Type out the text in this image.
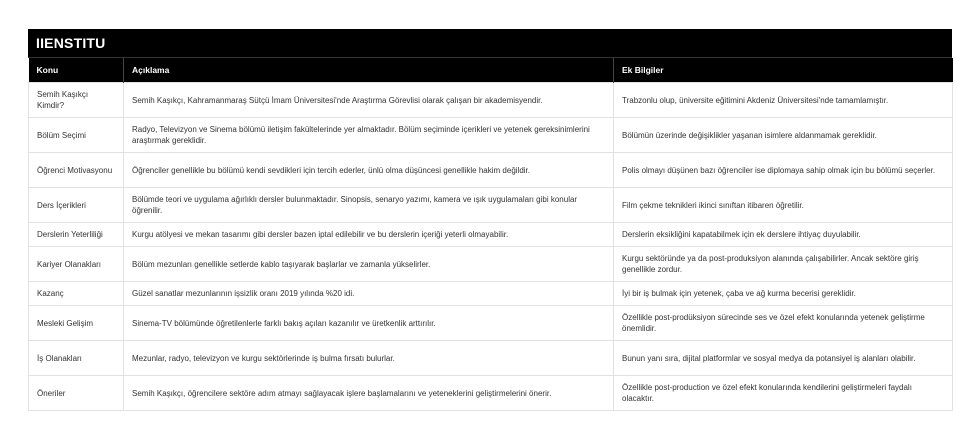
IIENSTITU
Konu	Açıklama	Ek Bilgiler
Semih Kaşıkçı Kimdir?	Semih Kaşıkçı, Kahramanmaraş Sütçü İmam Üniversitesi'nde Araştırma Görevlisi olarak çalışan bir akademisyendir.	Trabzonlu olup, üniversite eğitimini Akdeniz Üniversitesi'nde tamamlamıştır.
Bölüm Seçimi	Radyo, Televizyon ve Sinema bölümü iletişim fakültelerinde yer almaktadır. Bölüm seçiminde içerikleri ve yetenek gereksinimlerini araştırmak gereklidir.	Bölümün üzerinde değişiklikler yaşanan isimlere aldanmamak gereklidir.
Öğrenci Motivasyonu	Öğrenciler genellikle bu bölümü kendi sevdikleri için tercih ederler, ünlü olma düşüncesi genellikle hakim değildir.	Polis olmayı düşünen bazı öğrenciler ise diplomaya sahip olmak için bu bölümü seçerler.
Ders İçerikleri	Bölümde teori ve uygulama ağırlıklı dersler bulunmaktadır. Sinopsis, senaryo yazımı, kamera ve ışık uygulamaları gibi konular öğrenilir.	Film çekme teknikleri ikinci sınıftan itibaren öğretilir.
Derslerin Yeterliliği	Kurgu atölyesi ve mekan tasarımı gibi dersler bazen iptal edilebilir ve bu derslerin içeriği yeterli olmayabilir.	Derslerin eksikliğini kapatabilmek için ek derslere ihtiyaç duyulabilir.
Kariyer Olanakları	Bölüm mezunları genellikle setlerde kablo taşıyarak başlarlar ve zamanla yükselirler.	Kurgu sektöründe ya da post-produksiyon alanında çalışabilirler. Ancak sektöre giriş genellikle zordur.
Kazanç	Güzel sanatlar mezunlarının işsizlik oranı 2019 yılında %20 idi.	İyi bir iş bulmak için yetenek, çaba ve ağ kurma becerisi gereklidir.
Mesleki Gelişim	Sinema-TV bölümünde öğretilenlerle farklı bakış açıları kazanılır ve üretkenlik arttırılır.	Özellikle post-prodüksiyon sürecinde ses ve özel efekt konularında yetenek geliştirme önemlidir.
İş Olanakları	Mezunlar, radyo, televizyon ve kurgu sektörlerinde iş bulma fırsatı bulurlar.	Bunun yanı sıra, dijital platformlar ve sosyal medya da potansiyel iş alanları olabilir.
Öneriler	Semih Kaşıkçı, öğrencilere sektöre adım atmayı sağlayacak işlere başlamalarını ve yeteneklerini geliştirmelerini önerir.	Özellikle post-production ve özel efekt konularında kendilerini geliştirmeleri faydalı olacaktır.
